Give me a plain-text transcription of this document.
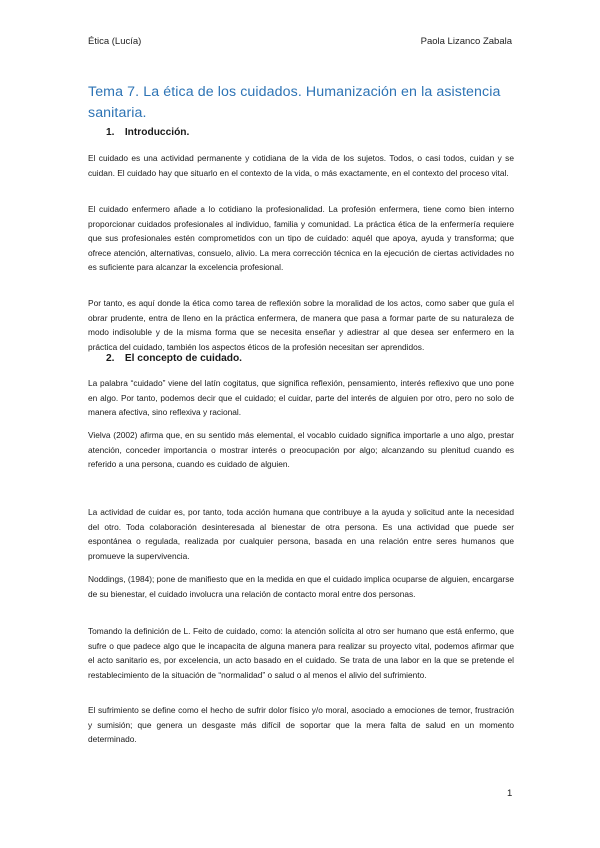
Ética (Lucía)	Paola Lizanco Zabala
Tema 7. La ética de los cuidados. Humanización en la asistencia sanitaria.
1. Introducción.

El cuidado es una actividad permanente y cotidiana de la vida de los sujetos. Todos, o casi todos, cuidan y se cuidan. El cuidado hay que situarlo en el contexto de la vida, o más exactamente, en el contexto del proceso vital.

El cuidado enfermero añade a lo cotidiano la profesionalidad. La profesión enfermera, tiene como bien interno proporcionar cuidados profesionales al individuo, familia y comunidad. La práctica ética de la enfermería requiere que sus profesionales estén comprometidos con un tipo de cuidado: aquél que apoya, ayuda y transforma; que ofrece atención, alternativas, consuelo, alivio. La mera corrección técnica en la ejecución de ciertas actividades no es suficiente para alcanzar la excelencia profesional.

Por tanto, es aquí donde la ética como tarea de reflexión sobre la moralidad de los actos, como saber que guía el obrar prudente, entra de lleno en la práctica enfermera, de manera que pasa a formar parte de su naturaleza de modo indisoluble y de la misma forma que se necesita enseñar y adiestrar al que desea ser enfermero en la práctica del cuidado, también los aspectos éticos de la profesión necesitan ser aprendidos.

2. El concepto de cuidado.

La palabra “cuidado” viene del latín cogitatus, que significa reflexión, pensamiento, interés reflexivo que uno pone en algo. Por tanto, podemos decir que el cuidado; el cuidar, parte del interés de alguien por otro, pero no solo de manera afectiva, sino reflexiva y racional.

Vielva (2002) afirma que, en su sentido más elemental, el vocablo cuidado significa importarle a uno algo, prestar atención, conceder importancia o mostrar interés o preocupación por algo; alcanzando su plenitud cuando es referido a una persona, cuando es cuidado de alguien.

La actividad de cuidar es, por tanto, toda acción humana que contribuye a la ayuda y solicitud ante la necesidad del otro. Toda colaboración desinteresada al bienestar de otra persona. Es una actividad que puede ser espontánea o regulada, realizada por cualquier persona, basada en una relación entre seres humanos que promueve la supervivencia.

Noddings, (1984); pone de manifiesto que en la medida en que el cuidado implica ocuparse de alguien, encargarse de su bienestar, el cuidado involucra una relación de contacto moral entre dos personas.

Tomando la definición de L. Feito de cuidado, como: la atención solícita al otro ser humano que está enfermo, que sufre o que padece algo que le incapacita de alguna manera para realizar su proyecto vital, podemos afirmar que el acto sanitario es, por excelencia, un acto basado en el cuidado. Se trata de una labor en la que se pretende el restablecimiento de la situación de “normalidad” o salud o al menos el alivio del sufrimiento.

El sufrimiento se define como el hecho de sufrir dolor físico y/o moral, asociado a emociones de temor, frustración y sumisión; que genera un desgaste más difícil de soportar que la mera falta de salud en un momento determinado.

1
